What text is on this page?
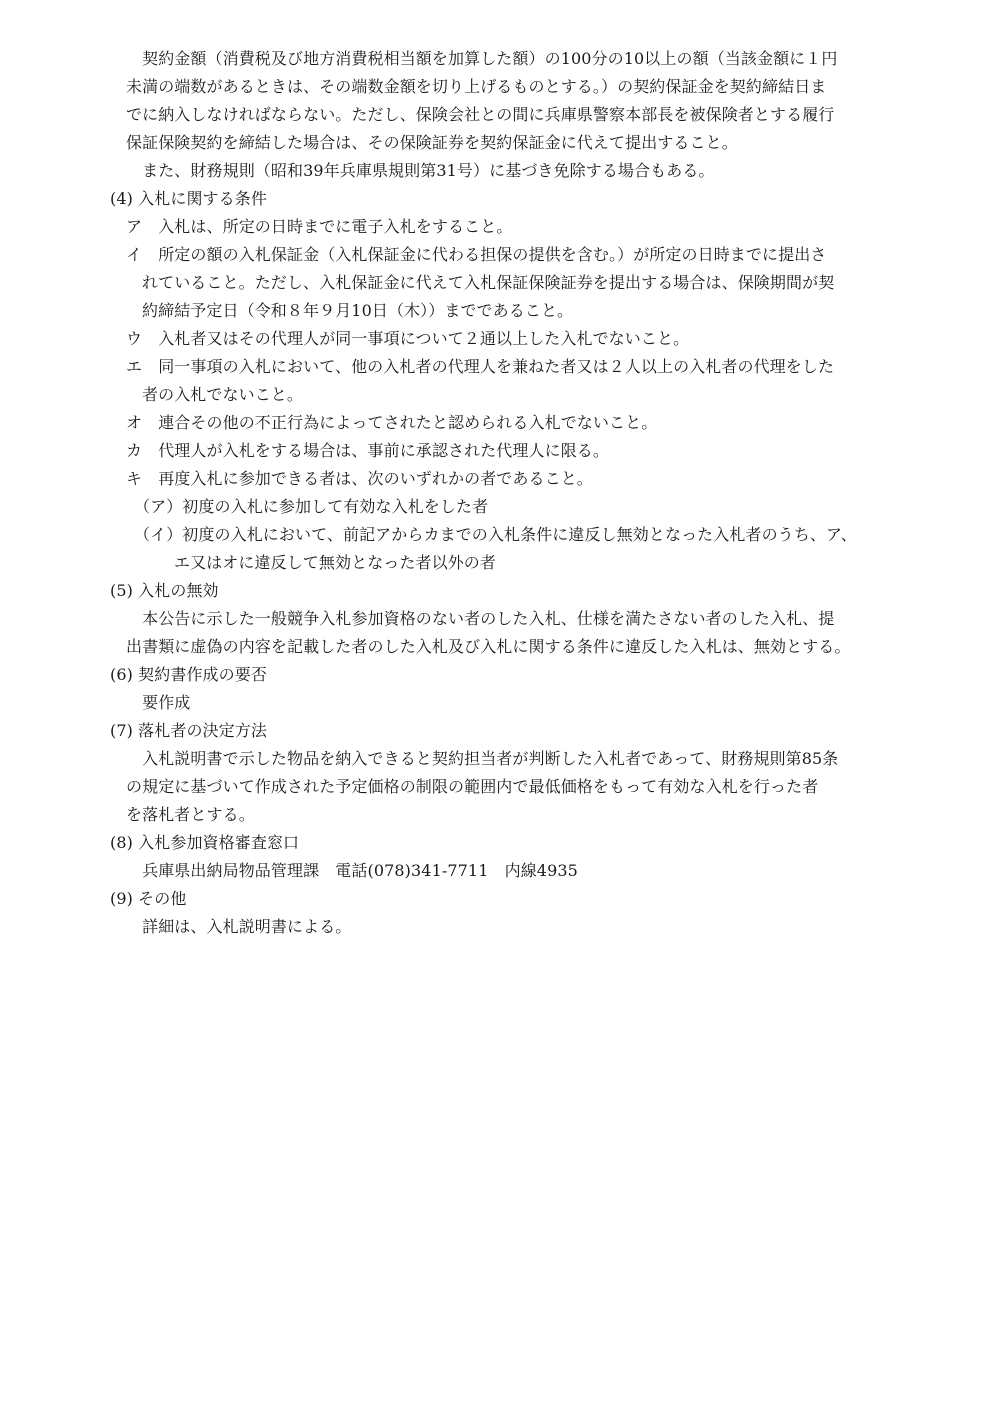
　契約金額（消費税及び地方消費税相当額を加算した額）の100分の10以上の額（当該金額に１円
未満の端数があるときは、その端数金額を切り上げるものとする。）の契約保証金を契約締結日ま
でに納入しなければならない。ただし、保険会社との間に兵庫県警察本部長を被保険者とする履行
保証保険契約を締結した場合は、その保険証券を契約保証金に代えて提出すること。
　また、財務規則（昭和39年兵庫県規則第31号）に基づき免除する場合もある。
(4) 入札に関する条件
ア　入札は、所定の日時までに電子入札をすること。
イ　所定の額の入札保証金（入札保証金に代わる担保の提供を含む。）が所定の日時までに提出さ
れていること。ただし、入札保証金に代えて入札保証保険証券を提出する場合は、保険期間が契
約締結予定日（令和８年９月10日（木））までであること。
ウ　入札者又はその代理人が同一事項について２通以上した入札でないこと。
エ　同一事項の入札において、他の入札者の代理人を兼ねた者又は２人以上の入札者の代理をした
者の入札でないこと。
オ　連合その他の不正行為によってされたと認められる入札でないこと。
カ　代理人が入札をする場合は、事前に承認された代理人に限る。
キ　再度入札に参加できる者は、次のいずれかの者であること。
（ア）初度の入札に参加して有効な入札をした者
（イ）初度の入札において、前記アからカまでの入札条件に違反し無効となった入札者のうち、ア、
エ又はオに違反して無効となった者以外の者
(5) 入札の無効
　本公告に示した一般競争入札参加資格のない者のした入札、仕様を満たさない者のした入札、提
出書類に虚偽の内容を記載した者のした入札及び入札に関する条件に違反した入札は、無効とする。
(6) 契約書作成の要否
　要作成
(7) 落札者の決定方法
　入札説明書で示した物品を納入できると契約担当者が判断した入札者であって、財務規則第85条
の規定に基づいて作成された予定価格の制限の範囲内で最低価格をもって有効な入札を行った者
を落札者とする。
(8) 入札参加資格審査窓口
　兵庫県出納局物品管理課　電話(078)341-7711　内線4935
(9) その他
　詳細は、入札説明書による。
